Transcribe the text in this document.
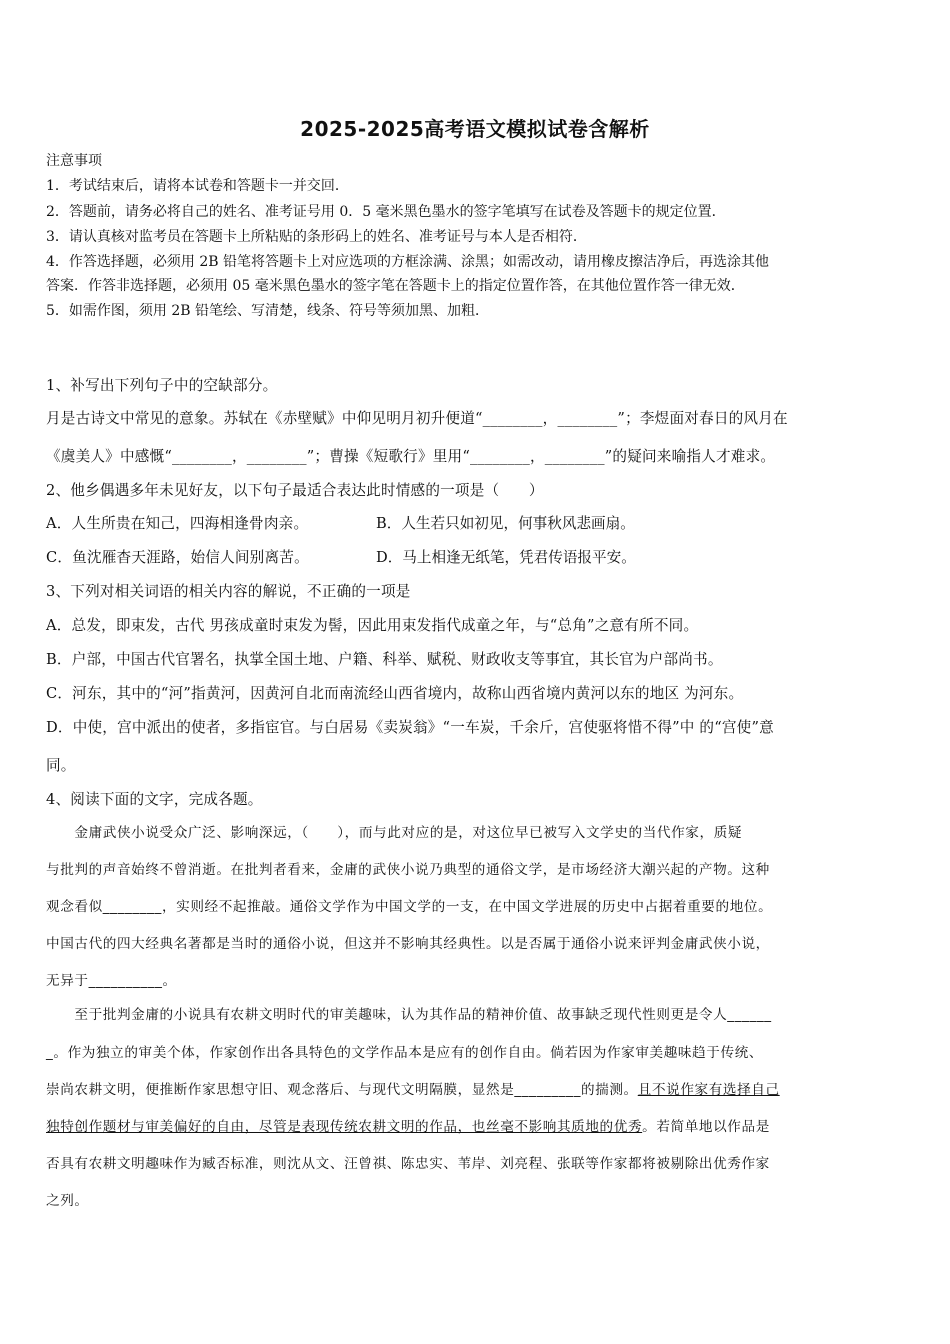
2025-2025高考语文模拟试卷含解析
注意事项
1．考试结束后，请将本试卷和答题卡一并交回．
2．答题前，请务必将自己的姓名、准考证号用 0．5 毫米黑色墨水的签字笔填写在试卷及答题卡的规定位置．
3．请认真核对监考员在答题卡上所粘贴的条形码上的姓名、准考证号与本人是否相符．
4．作答选择题，必须用 2B 铅笔将答题卡上对应选项的方框涂满、涂黑；如需改动，请用橡皮擦洁净后，再选涂其他
答案．作答非选择题，必须用 05 毫米黑色墨水的签字笔在答题卡上的指定位置作答，在其他位置作答一律无效．
5．如需作图，须用 2B 铅笔绘、写清楚，线条、符号等须加黑、加粗．
1、补写出下列句子中的空缺部分。
月是古诗文中常见的意象。苏轼在《赤壁赋》中仰见明月初升便道“________，________”；李煜面对春日的风月在
《虞美人》中感慨“________，________”；曹操《短歌行》里用“________，________”的疑问来喻指人才难求。
2、他乡偶遇多年未见好友，以下句子最适合表达此时情感的一项是（　　）
A．人生所贵在知己，四海相逢骨肉亲。	B．人生若只如初见，何事秋风悲画扇。
C．鱼沈雁杳天涯路，始信人间别离苦。	D．马上相逢无纸笔，凭君传语报平安。
3、下列对相关词语的相关内容的解说，不正确的一项是
A．总发，即束发，古代 男孩成童时束发为髻，因此用束发指代成童之年，与“总角”之意有所不同。
B．户部，中国古代官署名，执掌全国土地、户籍、科举、赋税、财政收支等事宜，其长官为户部尚书。
C．河东，其中的“河”指黄河，因黄河自北而南流经山西省境内，故称山西省境内黄河以东的地区 为河东。
D．中使，宫中派出的使者，多指宦官。与白居易《卖炭翁》“一车炭，千余斤，宫使驱将惜不得”中 的“宫使”意
同。
4、阅读下面的文字，完成各题。
　　金庸武侠小说受众广泛、影响深远，（　　），而与此对应的是，对这位早已被写入文学史的当代作家，质疑
与批判的声音始终不曾消逝。在批判者看来，金庸的武侠小说乃典型的通俗文学，是市场经济大潮兴起的产物。这种
观念看似________，实则经不起推敲。通俗文学作为中国文学的一支，在中国文学进展的历史中占据着重要的地位。
中国古代的四大经典名著都是当时的通俗小说，但这并不影响其经典性。以是否属于通俗小说来评判金庸武侠小说，
无异于__________。
　　至于批判金庸的小说具有农耕文明时代的审美趣味，认为其作品的精神价值、故事缺乏现代性则更是令人______
_。作为独立的审美个体，作家创作出各具特色的文学作品本是应有的创作自由。倘若因为作家审美趣味趋于传统、
崇尚农耕文明，便推断作家思想守旧、观念落后、与现代文明隔膜，显然是_________的揣测。且不说作家有选择自己
独特创作题材与审美偏好的自由，尽管是表现传统农耕文明的作品，也丝毫不影响其质地的优秀。若简单地以作品是
否具有农耕文明趣味作为臧否标准，则沈从文、汪曾祺、陈忠实、苇岸、刘亮程、张联等作家都将被剔除出优秀作家
之列。
